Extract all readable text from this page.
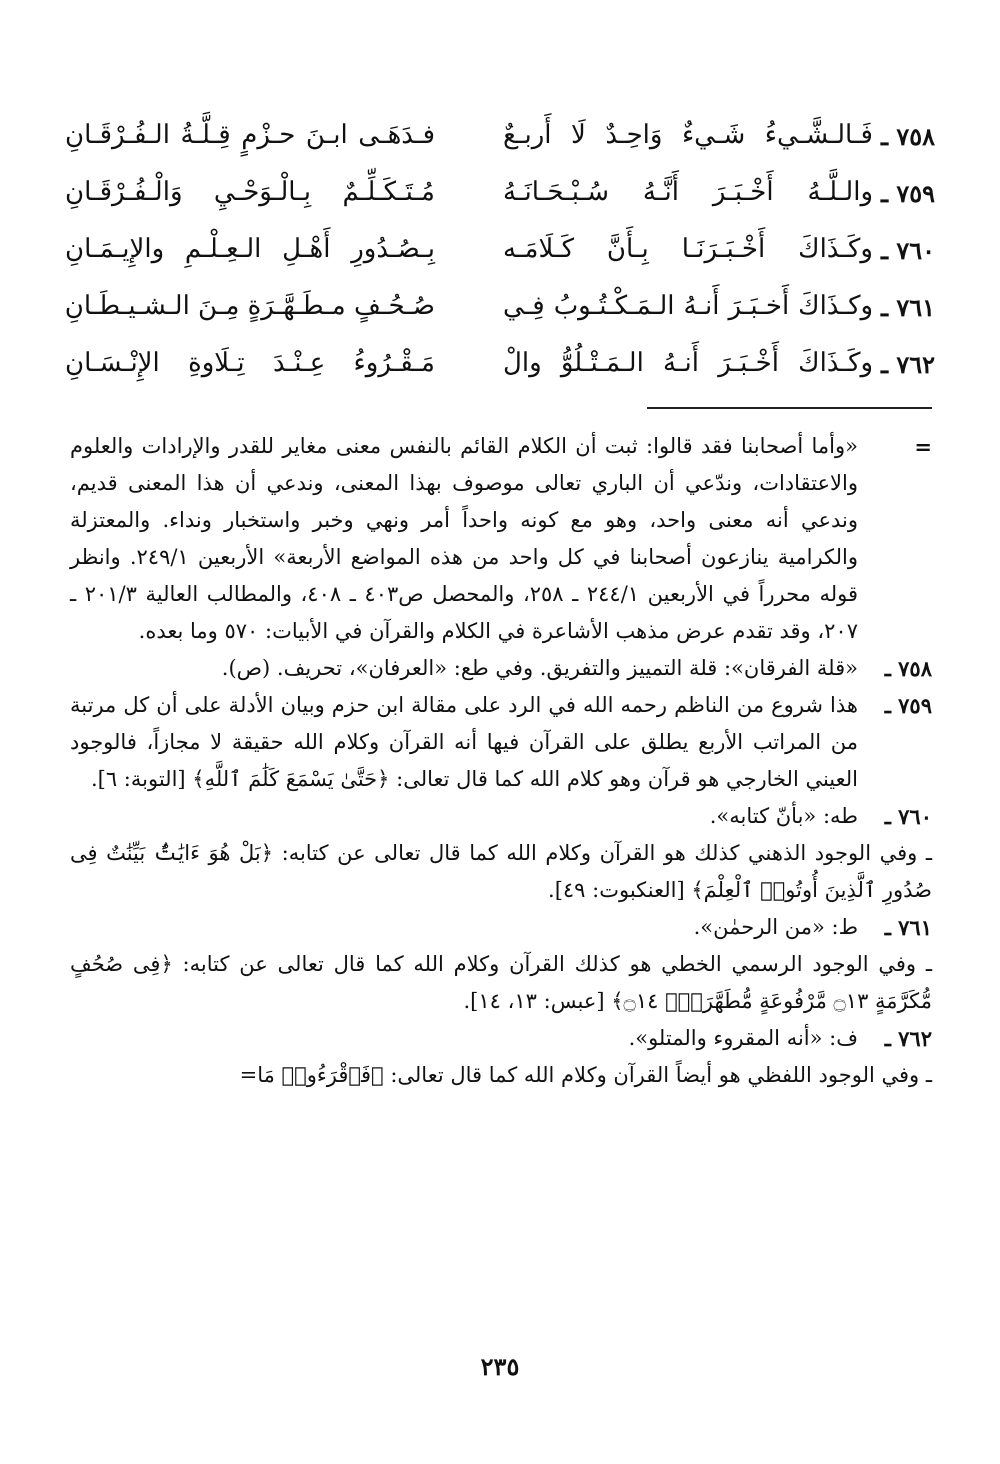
٧٥٨ ـ
فَـالـشَّـيءُ شَـيءٌ وَاحِـدٌ لَا أَربـعٌ
فـدَهَـى ابـنَ حـزْمٍ قِـلَّـةُ الـفُـرْقَـانِ
٧٥٩ ـ
والـلَّـهُ أَخْـبَـرَ أَنَّـهُ سُـبْـحَـانَـهُ
مُـتَـكَـلِّـمٌ بِـالْـوَحْـيِ وَالْـفُـرْقَـانِ
٧٦٠ ـ
وكَـذَاكَ أَخْـبَـرَنَـا بِـأَنَّ كَـلَامَـه
بِـصُـدُورِ أَهْـلِ الـعِـلْـمِ والإِيـمَـانِ
٧٦١ ـ
وكـذَاكَ أَخـبَـرَ أَنـهُ الـمَـكْـتُـوبُ فِـي
صُـحُـفٍ مـطَـهَّـرَةٍ مِـنَ الـشـيـطَـانِ
٧٦٢ ـ
وكَـذَاكَ أَخْـبَـرَ أَنـهُ الـمَـتْـلُوُّ والْ
مَـقْـرُوءُ عِـنْـدَ تِـلَاوةِ الإِنْـسَـانِ
=
«وأما أصحابنا فقد قالوا: ثبت أن الكلام القائم بالنفس معنى مغاير للقدر والإرادات والعلوم والاعتقادات، وندّعي أن الباري تعالى موصوف بهذا المعنى، وندعي أن هذا المعنى قديم، وندعي أنه معنى واحد، وهو مع كونه واحداً أمر ونهي وخبر واستخبار ونداء. والمعتزلة والكرامية ينازعون أصحابنا في كل واحد من هذه المواضع الأربعة» الأربعين ٢٤٩/١. وانظر قوله محرراً في الأربعين ٢٤٤/١ ـ ٢٥٨، والمحصل ص٤٠٣ ـ ٤٠٨، والمطالب العالية ٢٠١/٣ ـ ٢٠٧، وقد تقدم عرض مذهب الأشاعرة في الكلام والقرآن في الأبيات: ٥٧٠ وما بعده.
٧٥٨ ـ
«قلة الفرقان»: قلة التمييز والتفريق. وفي طع: «العرفان»، تحريف. (ص).
٧٥٩ ـ
هذا شروع من الناظم رحمه الله في الرد على مقالة ابن حزم وبيان الأدلة على أن كل مرتبة من المراتب الأربع يطلق على القرآن فيها أنه القرآن وكلام الله حقيقة لا مجازاً، فالوجود العيني الخارجي هو قرآن وهو كلام الله كما قال تعالى: ﴿حَتَّىٰ يَسْمَعَ كَلَٰمَ ٱللَّهِ﴾ [التوبة: ٦].
٧٦٠ ـ
طه: «بأنّ كتابه».
ـ وفي الوجود الذهني كذلك هو القرآن وكلام الله كما قال تعالى عن كتابه: ﴿بَلْ هُوَ ءَايَٰتٌۢ بَيِّنَٰتٌ فِى صُدُورِ ٱلَّذِينَ أُوتُوا۟ ٱلْعِلْمَ﴾ [العنكبوت: ٤٩].
٧٦١ ـ
ط: «من الرحمٰن».
ـ وفي الوجود الرسمي الخطي هو كذلك القرآن وكلام الله كما قال تعالى عن كتابه: ﴿فِى صُحُفٍ مُّكَرَّمَةٍ ۝١٣ مَّرْفُوعَةٍ مُّطَهَّرَةٍۭ ۝١٤﴾ [عبس: ١٣، ١٤].
٧٦٢ ـ
ف: «أنه المقروء والمتلو».
ـ وفي الوجود اللفظي هو أيضاً القرآن وكلام الله كما قال تعالى: ﴿فَٱقْرَءُوا۟ مَا=
٢٣٥
